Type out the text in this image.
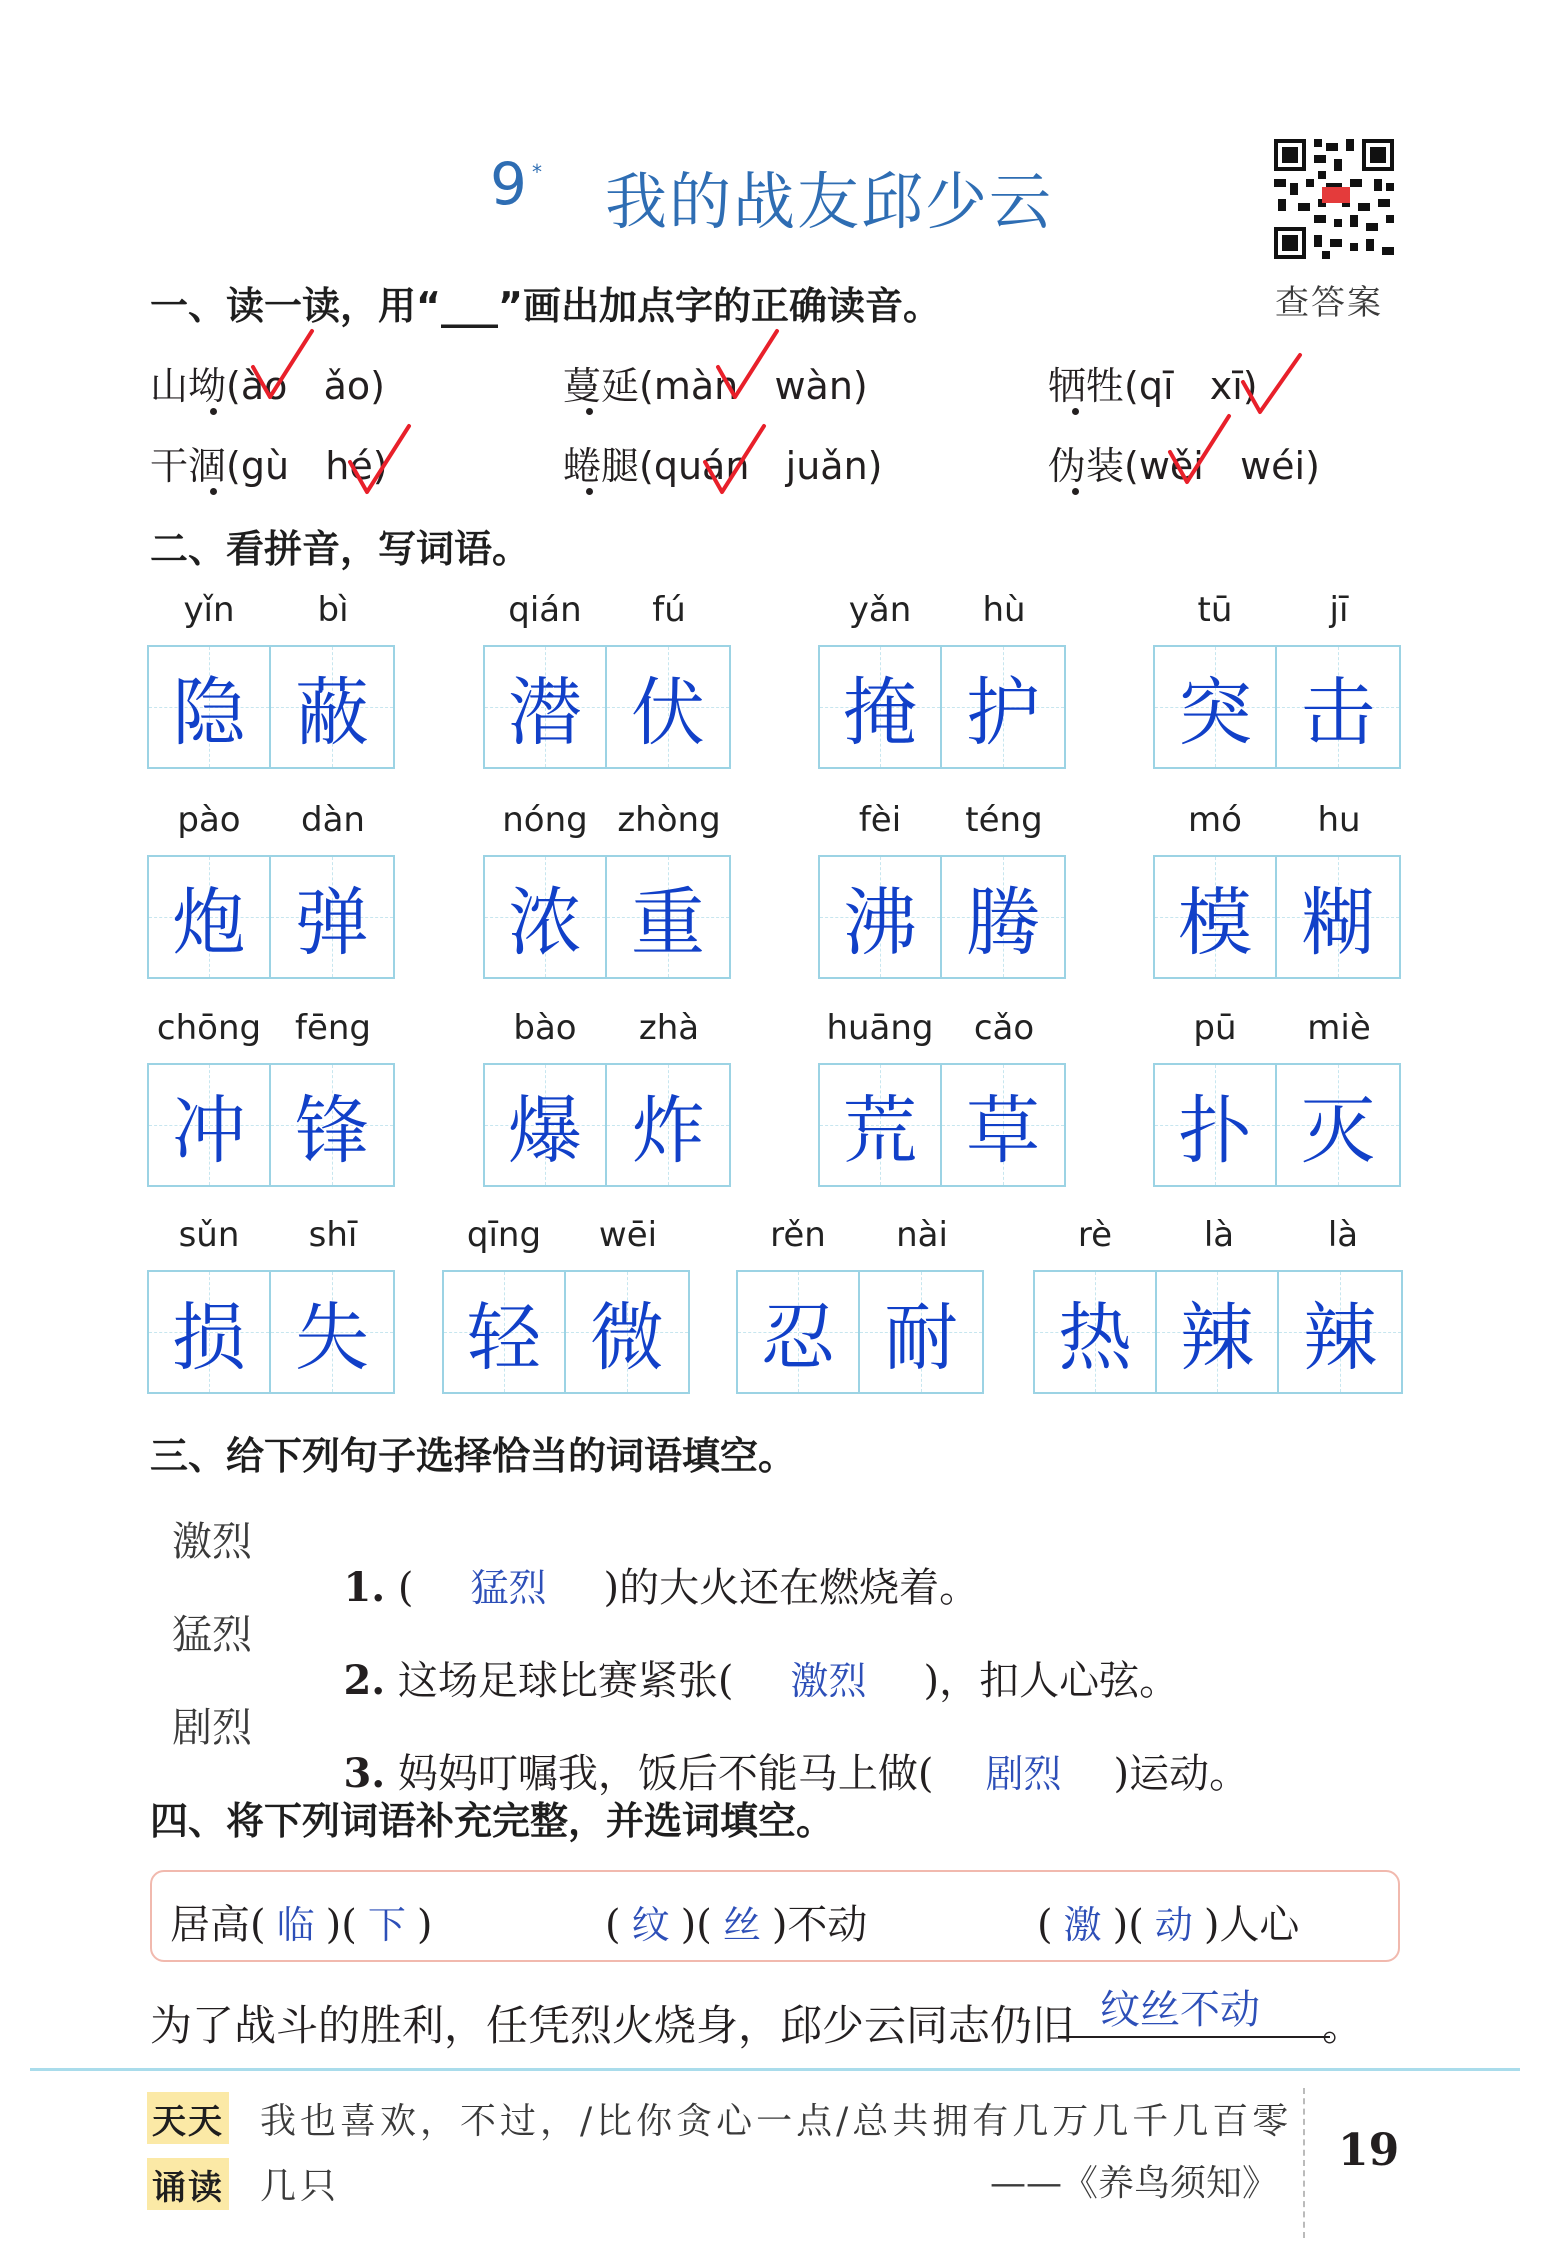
9 * 我的战友邱少云
查答案
一、读一读，用“___”画出加点字的正确读音。
山坳(ào   ǎo)	蔓延(màn   wàn)	牺牲(qī   xī)
干涸(gù   hé)	蜷腿(quán   juǎn)	伪装(wěi   wéi)
二、看拼音，写词语。
yǐn	bì
隐 蔽
qián	fú
潜 伏
yǎn	hù
掩 护
tū	jī
突 击
pào	dàn
炮 弹
nóng zhòng
浓 重
fèi	téng
沸 腾
mó	hu
模 糊
chōng fēng
冲 锋
bào	zhà
爆 炸
huāng	cǎo
荒 草
pū	miè
扑 灭
sǔn	shī
损 失
qīng	wēi
轻 微
rěn	nài
忍 耐
rè	là	là
热 辣 辣
三、给下列句子选择恰当的词语填空。
激烈
猛烈
剧烈

1. ( 猛烈 )的大火还在燃烧着。

2. 这场足球比赛紧张( 激烈 )，扣人心弦。

3. 妈妈叮嘱我，饭后不能马上做( 剧烈 )运动。

四、将下列词语补充完整，并选词填空。
居高( 临 )( 下 )	( 纹 )( 丝 )不动	( 激 )( 动 )人心
为了战斗的胜利，任凭烈火烧身，邱少云同志仍旧 纹丝不动 。
天天
诵读
我也喜欢，不过，/比你贪心一点/总共拥有几万几千几百零
几只	——《养鸟须知》
19
